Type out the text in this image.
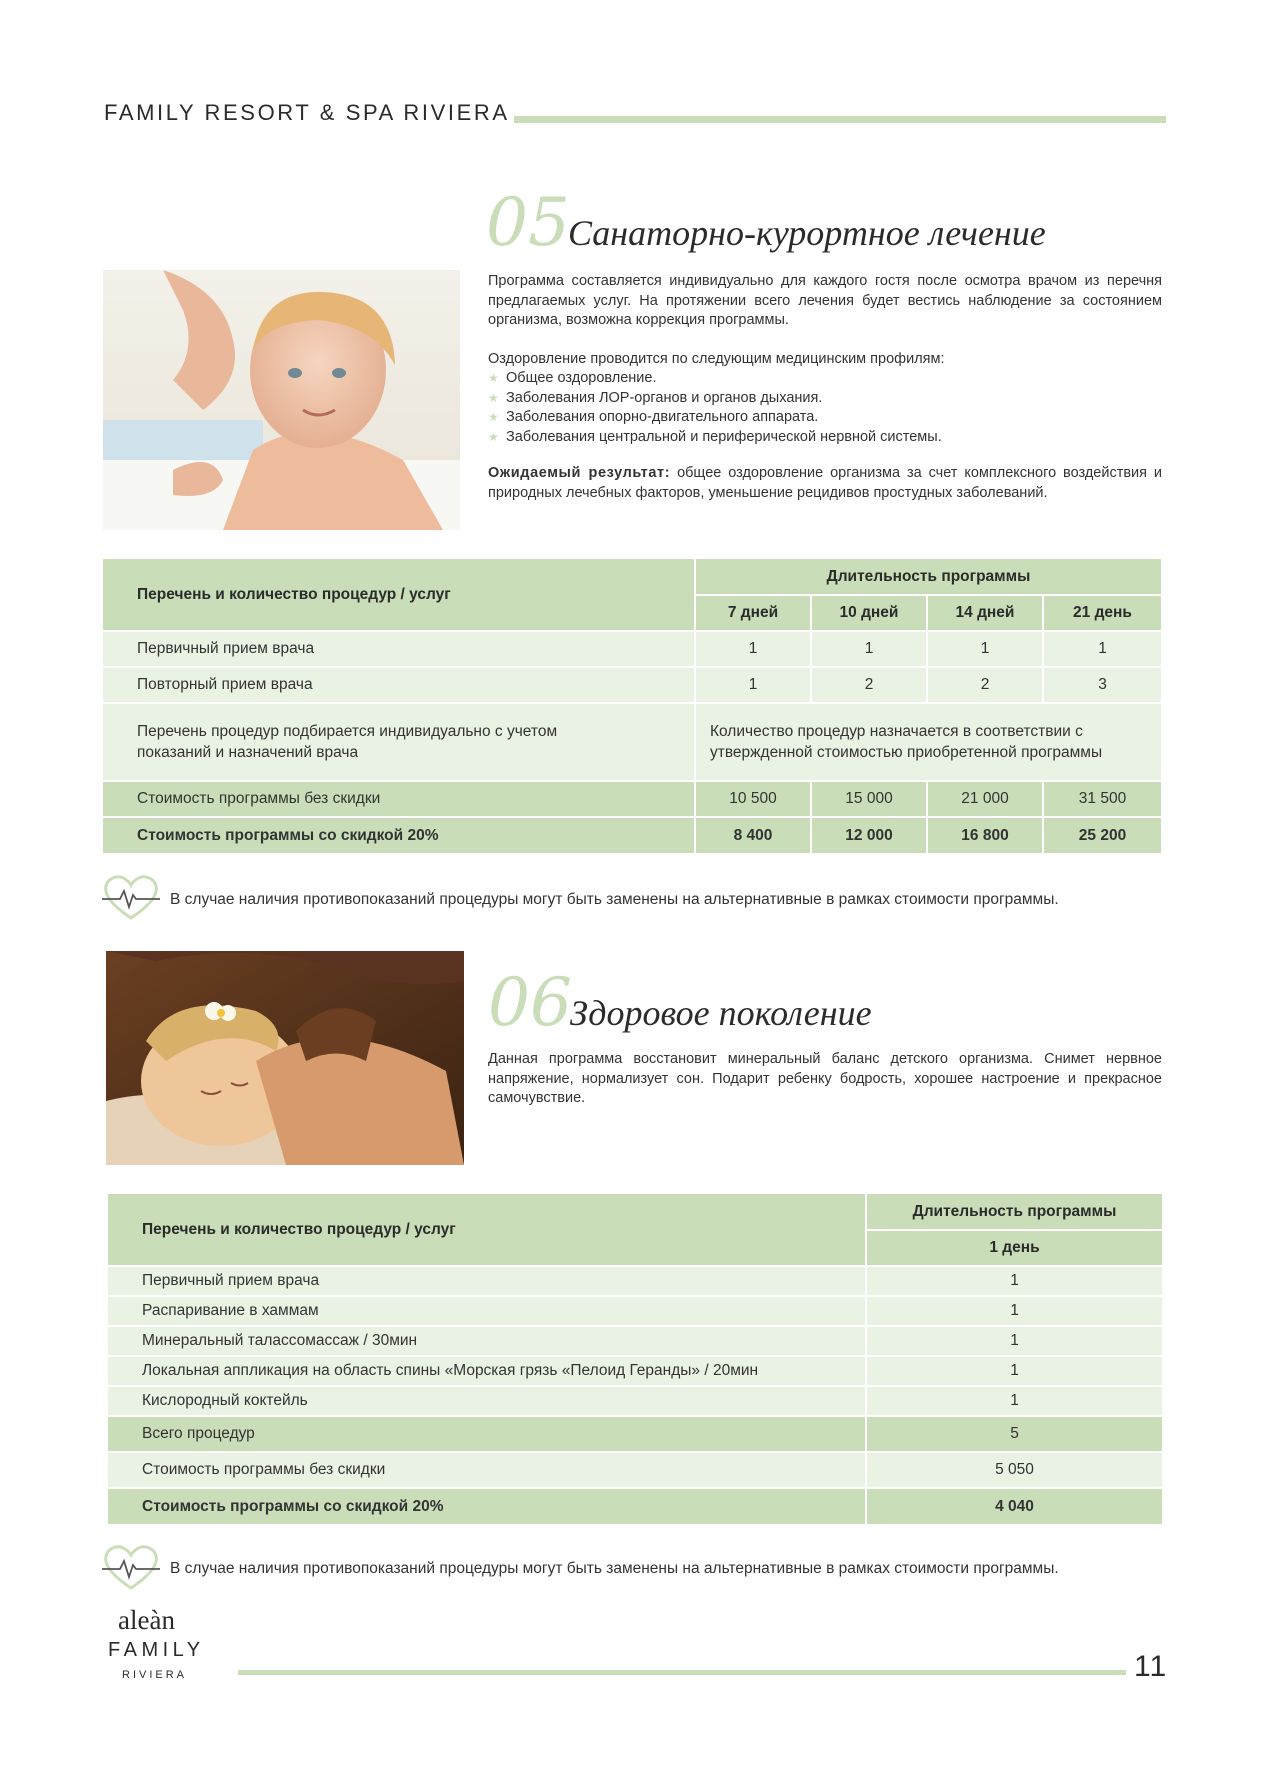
FAMILY RESORT & SPA RIVIERA
05
Санаторно-курортное лечение
Программа составляется индивидуально для каждого гостя после осмотра врачом из перечня предлагаемых услуг. На протяжении всего лечения будет вестись наблюдение за состоянием организма, возможна коррекция программы.
Оздоровление проводится по следующим медицинским профилям:
★ Общее оздоровление.
★ Заболевания ЛОР-органов и органов дыхания.
★ Заболевания опорно-двигательного аппарата.
★ Заболевания центральной и периферической нервной системы.
Ожидаемый результат: общее оздоровление организма за счет комплексного воздействия и природных лечебных факторов, уменьшение рецидивов простудных заболеваний.
Перечень и количество процедур / услуг	Длительность программы			
	7 дней	10 дней	14 дней	21 день
Первичный прием врача	1	1	1	1
Повторный прием врача	1	2	2	3
Перечень процедур подбирается индивидуально с учетом показаний и назначений врача	Количество процедур назначается в соответствии с утвержденной стоимостью приобретенной программы			
Стоимость программы без скидки	10 500	15 000	21 000	31 500
Стоимость программы со скидкой 20%	8 400	12 000	16 800	25 200
В случае наличия противопоказаний процедуры могут быть заменены на альтернативные в рамках стоимости программы.
06
Здоровое поколение
Данная программа восстановит минеральный баланс детского организма. Снимет нервное напряжение, нормализует сон. Подарит ребенку бодрость, хорошее настроение и прекрасное самочувствие.
Перечень и количество процедур / услуг	Длительность программы
	1 день
Первичный прием врача	1
Распаривание в хаммам	1
Минеральный талассомассаж / 30мин	1
Локальная аппликация на область спины «Морская грязь «Пелоид Геранды» / 20мин	1
Кислородный коктейль	1
Всего процедур	5
Стоимость программы без скидки	5 050
Стоимость программы со скидкой 20%	4 040
В случае наличия противопоказаний процедуры могут быть заменены на альтернативные в рамках стоимости программы.
aleàn
FAMILY
RIVIERA	11
